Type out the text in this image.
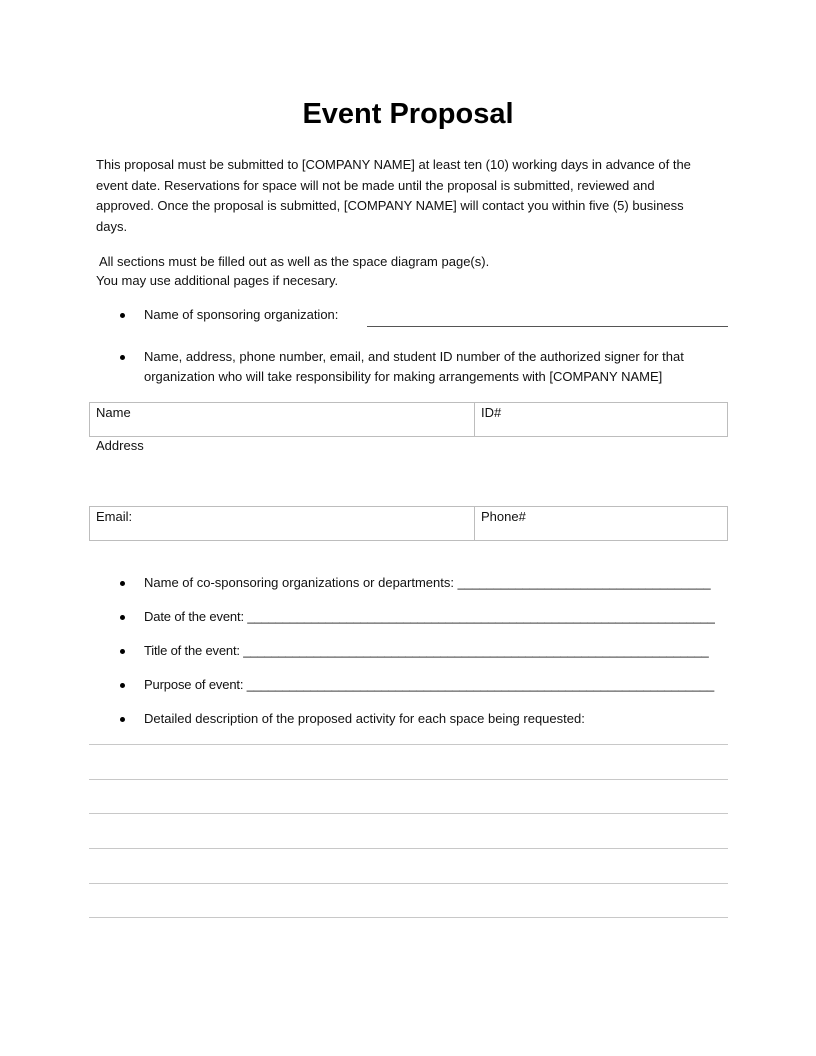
Event Proposal
This proposal must be submitted to [COMPANY NAME] at least ten (10) working days in advance of the event date. Reservations for space will not be made until the proposal is submitted, reviewed and approved. Once the proposal is submitted, [COMPANY NAME] will contact you within five (5) business days.
All sections must be filled out as well as the space diagram page(s).
You may use additional pages if necesary.
Name of sponsoring organization:
Name, address, phone number, email, and student ID number of the authorized signer for that
organization who will take responsibility for making arrangements with [COMPANY NAME]
Name	ID#
Address
Email:	Phone#
Name of co-sponsoring organizations or departments: ___________________________________
Date of the event: __________________________________________________________________
Title of the event: __________________________________________________________________
Purpose of event: __________________________________________________________________
Detailed description of the proposed activity for each space being requested:
